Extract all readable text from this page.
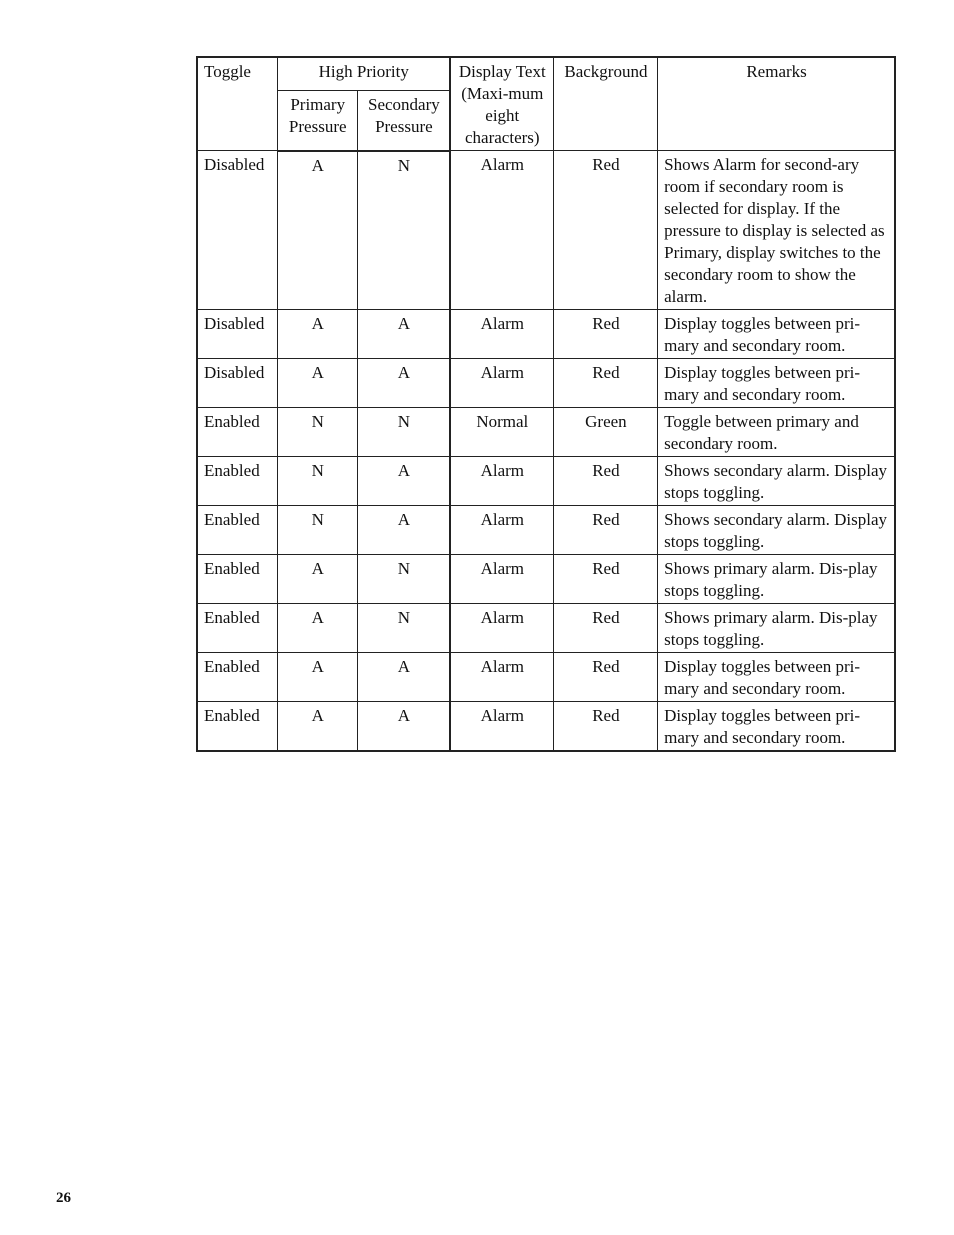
Toggle	High Priority		Display Text (Maxi-mum eight characters)	Background	Remarks
	Primary Pressure	Secondary Pressure			
Disabled	A	N	Alarm	Red	Shows Alarm for second-ary room if secondary room is selected for display. If the pressure to display is selected as Primary, display switches to the secondary room to show the alarm.
Disabled	A	A	Alarm	Red	Display toggles between pri-mary and secondary room.
Disabled	A	A	Alarm	Red	Display toggles between pri-mary and secondary room.
Enabled	N	N	Normal	Green	Toggle between primary and secondary room.
Enabled	N	A	Alarm	Red	Shows secondary alarm. Display stops toggling.
Enabled	N	A	Alarm	Red	Shows secondary alarm. Display stops toggling.
Enabled	A	N	Alarm	Red	Shows primary alarm. Dis-play stops toggling.
Enabled	A	N	Alarm	Red	Shows primary alarm. Dis-play stops toggling.
Enabled	A	A	Alarm	Red	Display toggles between pri-mary and secondary room.
Enabled	A	A	Alarm	Red	Display toggles between pri-mary and secondary room.
26
